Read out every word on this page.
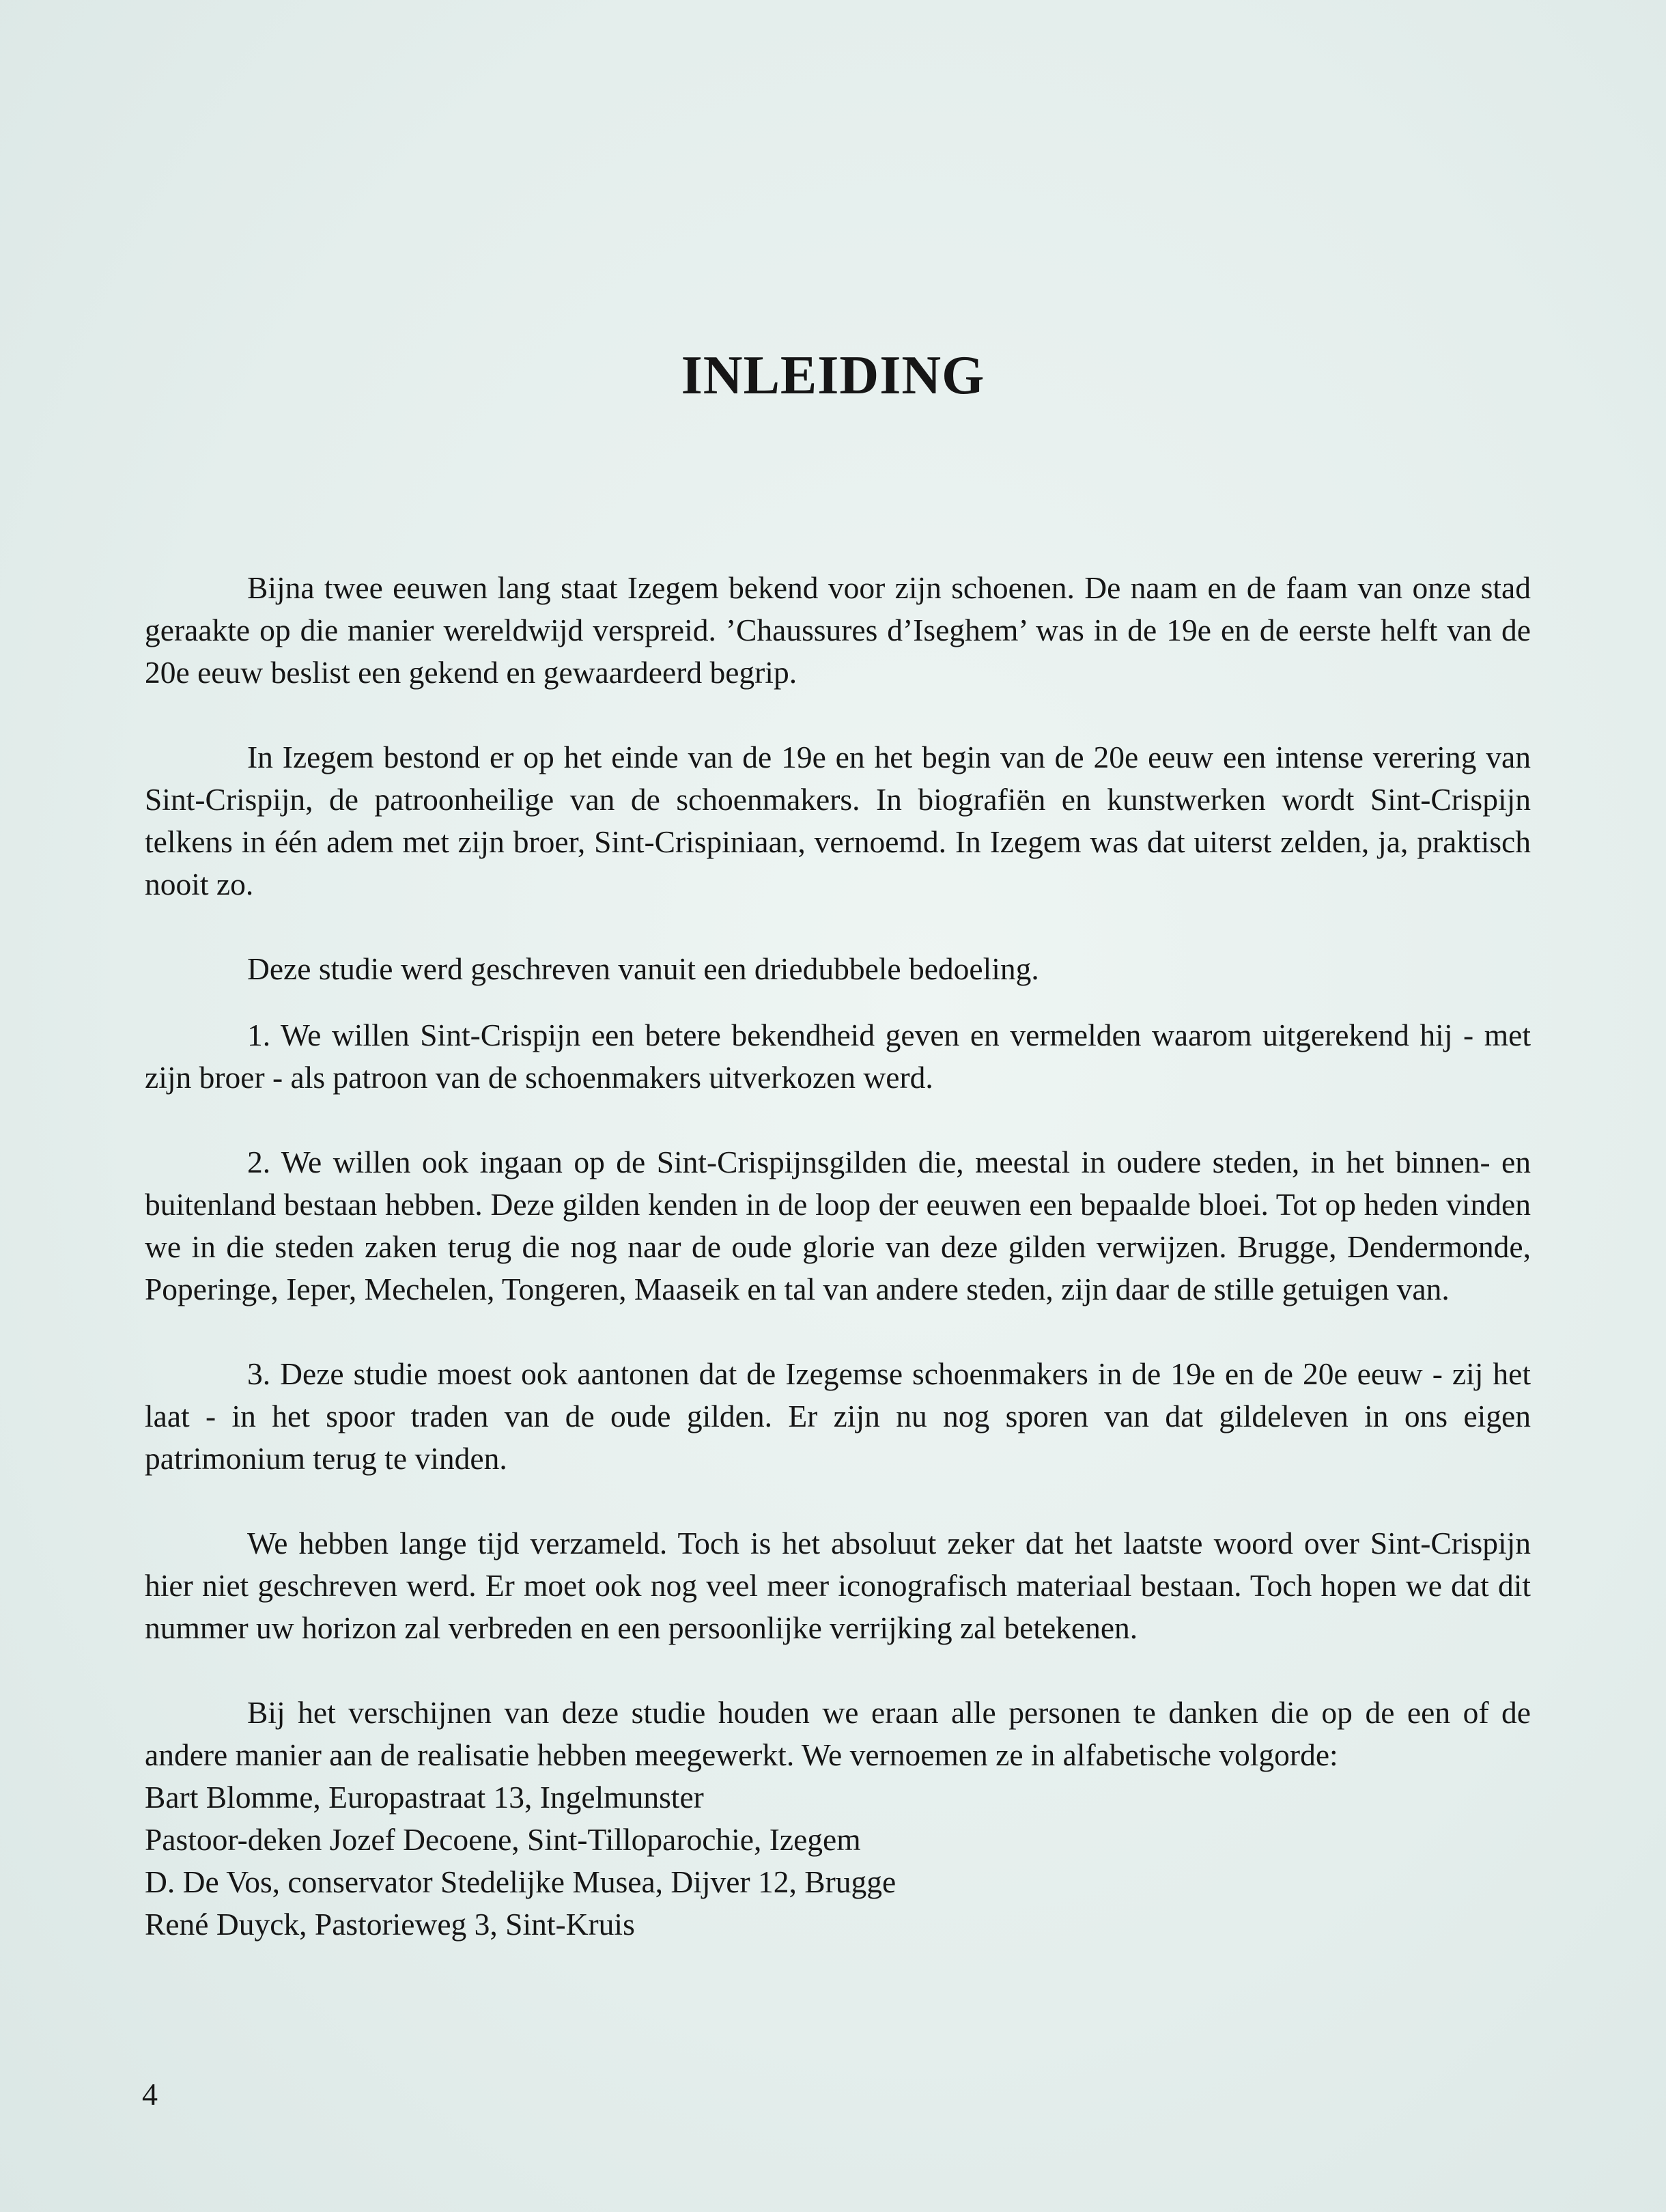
INLEIDING

Bijna twee eeuwen lang staat Izegem bekend voor zijn schoenen. De naam en de faam van onze stad geraakte op die manier wereldwijd verspreid. ’Chaussures d’Iseghem’ was in de 19e en de eerste helft van de 20e eeuw beslist een gekend en gewaardeerd begrip.

In Izegem bestond er op het einde van de 19e en het begin van de 20e eeuw een intense verering van Sint-Crispijn, de patroonheilige van de schoenmakers. In biografiën en kunstwerken wordt Sint-Crispijn telkens in één adem met zijn broer, Sint-Crispiniaan, vernoemd. In Izegem was dat uiterst zelden, ja, praktisch nooit zo.

Deze studie werd geschreven vanuit een driedubbele bedoeling.

1. We willen Sint-Crispijn een betere bekendheid geven en vermelden waarom uitgerekend hij - met zijn broer - als patroon van de schoenmakers uitverkozen werd.

2. We willen ook ingaan op de Sint-Crispijnsgilden die, meestal in oudere steden, in het binnen- en buitenland bestaan hebben. Deze gilden kenden in de loop der eeuwen een bepaalde bloei. Tot op heden vinden we in die steden zaken terug die nog naar de oude glorie van deze gilden verwijzen. Brugge, Dendermonde, Poperinge, Ieper, Mechelen, Tongeren, Maaseik en tal van andere steden, zijn daar de stille getuigen van.

3. Deze studie moest ook aantonen dat de Izegemse schoenmakers in de 19e en de 20e eeuw - zij het laat - in het spoor traden van de oude gilden. Er zijn nu nog sporen van dat gildeleven in ons eigen patrimonium terug te vinden.

We hebben lange tijd verzameld. Toch is het absoluut zeker dat het laatste woord over Sint-Crispijn hier niet geschreven werd. Er moet ook nog veel meer iconografisch materiaal bestaan. Toch hopen we dat dit nummer uw horizon zal verbreden en een persoonlijke verrijking zal betekenen.

Bij het verschijnen van deze studie houden we eraan alle personen te danken die op de een of de andere manier aan de realisatie hebben meegewerkt. We vernoemen ze in alfabetische volgorde:

Bart Blomme, Europastraat 13, Ingelmunster
Pastoor-deken Jozef Decoene, Sint-Tilloparochie, Izegem
D. De Vos, conservator Stedelijke Musea, Dijver 12, Brugge
René Duyck, Pastorieweg 3, Sint-Kruis
4
